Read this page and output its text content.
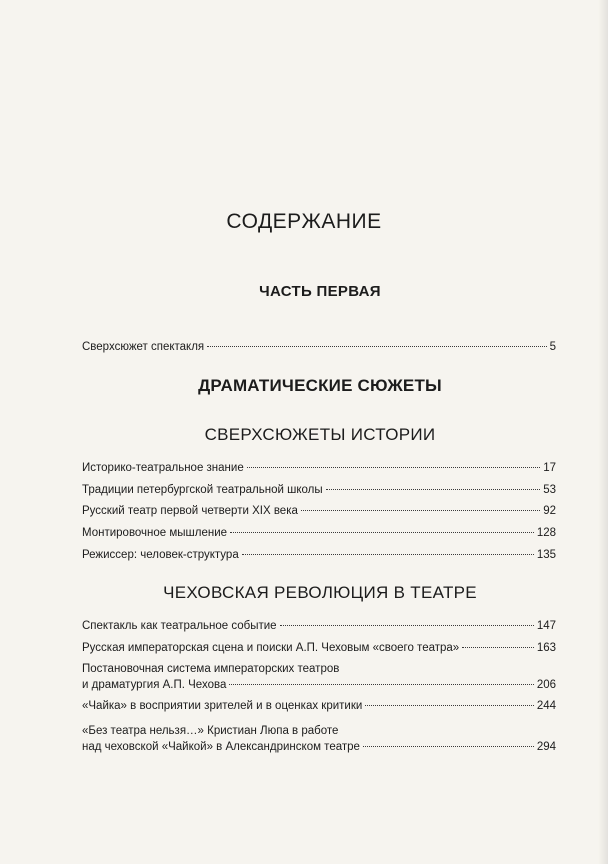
СОДЕРЖАНИЕ
ЧАСТЬ ПЕРВАЯ
Сверхсюжет спектакля	5
ДРАМАТИЧЕСКИЕ СЮЖЕТЫ
СВЕРХСЮЖЕТЫ ИСТОРИИ
Историко-театральное знание	17
Традиции петербургской театральной школы	53
Русский театр первой четверти XIX века	92
Монтировочное мышление	128
Режиссер: человек-структура	135
ЧЕХОВСКАЯ РЕВОЛЮЦИЯ В ТЕАТРЕ
Спектакль как театральное событие	147
Русская императорская сцена и поиски А.П. Чеховым «своего театра»	163
Постановочная система императорских театров
и драматургия А.П. Чехова	206
«Чайка» в восприятии зрителей и в оценках критики	244
«Без театра нельзя…» Кристиан Люпа в работе
над чеховской «Чайкой» в Александринском театре	294
